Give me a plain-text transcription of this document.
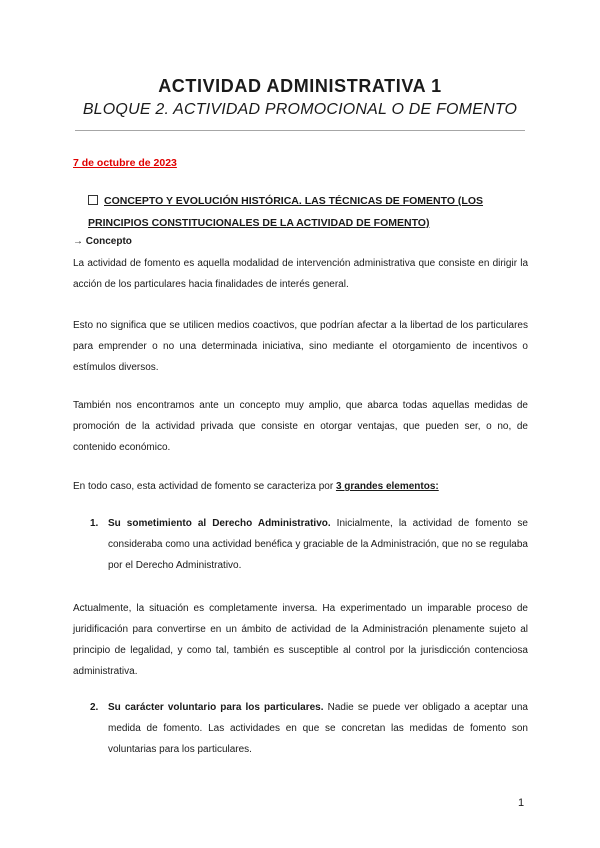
ACTIVIDAD ADMINISTRATIVA 1
BLOQUE 2. ACTIVIDAD PROMOCIONAL O DE FOMENTO
7 de octubre de 2023
CONCEPTO Y EVOLUCIÓN HISTÓRICA. LAS TÉCNICAS DE FOMENTO (LOS PRINCIPIOS CONSTITUCIONALES DE LA ACTIVIDAD DE FOMENTO)
→ Concepto
La actividad de fomento es aquella modalidad de intervención administrativa que consiste en dirigir la acción de los particulares hacia finalidades de interés general.
Esto no significa que se utilicen medios coactivos, que podrían afectar a la libertad de los particulares para emprender o no una determinada iniciativa, sino mediante el otorgamiento de incentivos o estímulos diversos.
También nos encontramos ante un concepto muy amplio, que abarca todas aquellas medidas de promoción de la actividad privada que consiste en otorgar ventajas, que pueden ser, o no, de contenido económico.
En todo caso, esta actividad de fomento se caracteriza por 3 grandes elementos:
1. Su sometimiento al Derecho Administrativo. Inicialmente, la actividad de fomento se consideraba como una actividad benéfica y graciable de la Administración, que no se regulaba por el Derecho Administrativo.
Actualmente, la situación es completamente inversa. Ha experimentado un imparable proceso de juridificación para convertirse en un ámbito de actividad de la Administración plenamente sujeto al principio de legalidad, y como tal, también es susceptible al control por la jurisdicción contenciosa administrativa.
2. Su carácter voluntario para los particulares. Nadie se puede ver obligado a aceptar una medida de fomento. Las actividades en que se concretan las medidas de fomento son voluntarias para los particulares.
1
